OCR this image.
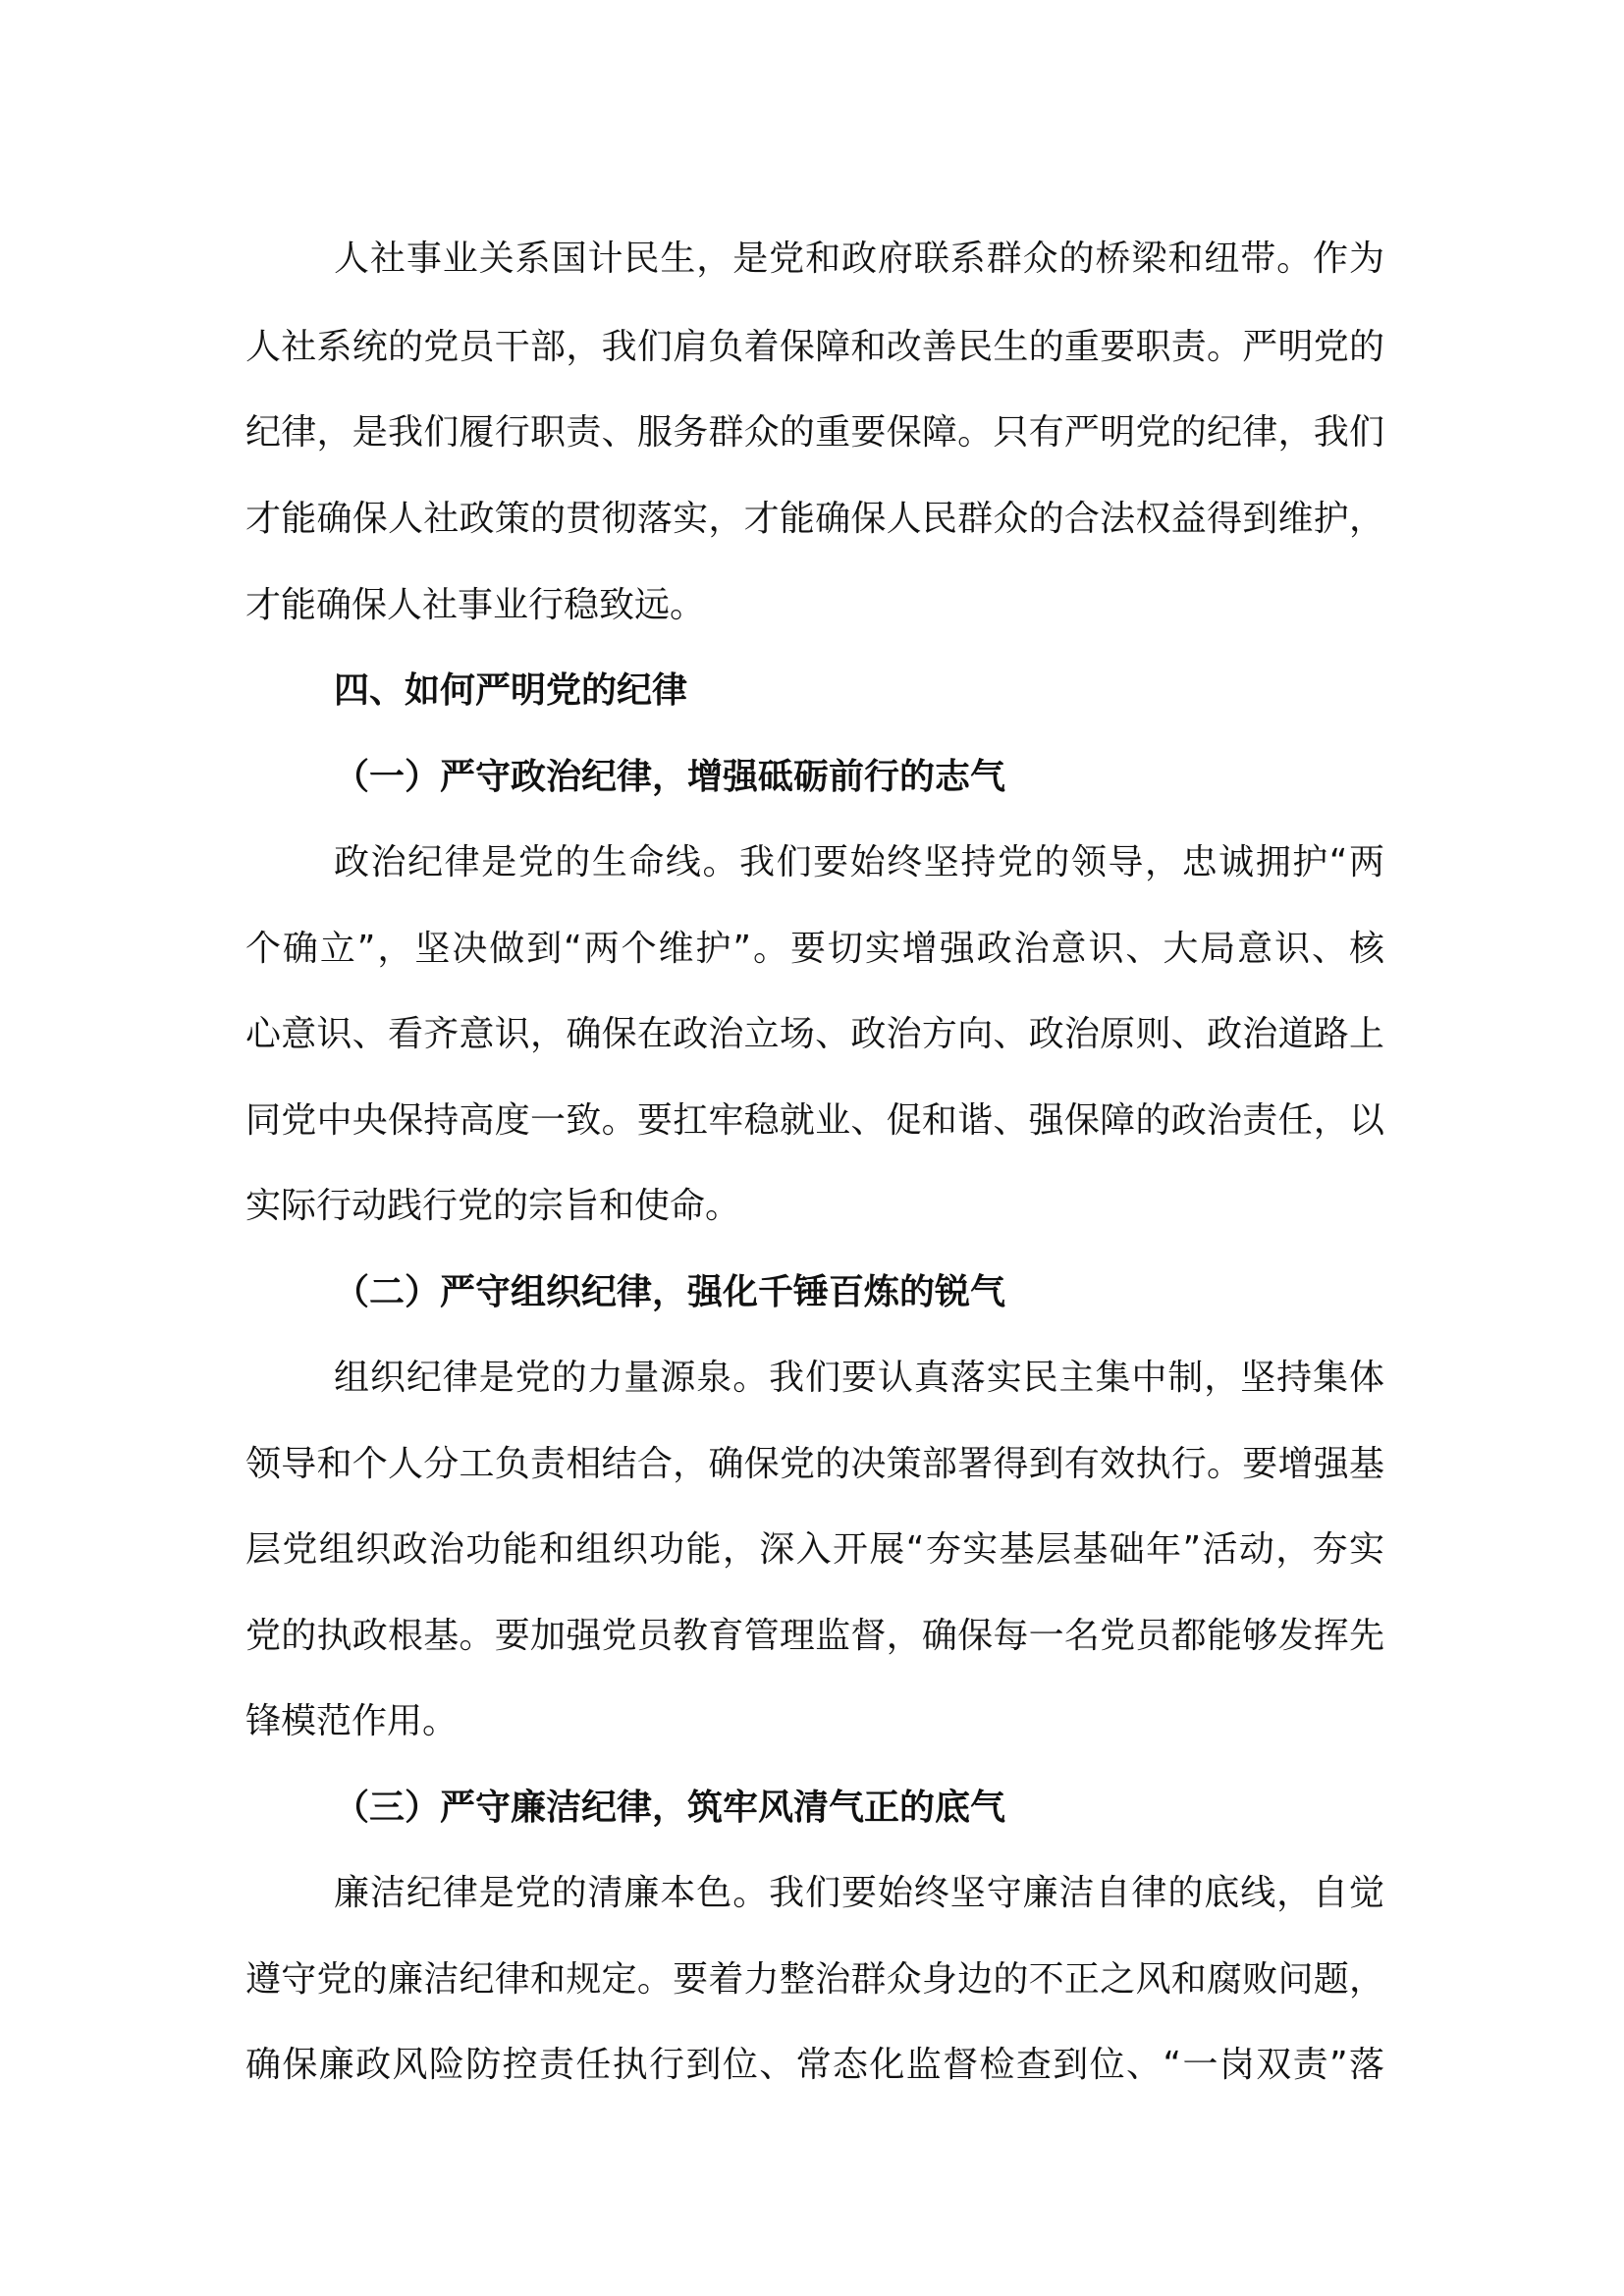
人社事业关系国计民生，是党和政府联系群众的桥梁和纽带。作为
人社系统的党员干部，我们肩负着保障和改善民生的重要职责。严明党的
纪律，是我们履行职责、服务群众的重要保障。只有严明党的纪律，我们
才能确保人社政策的贯彻落实，才能确保人民群众的合法权益得到维护，
才能确保人社事业行稳致远。
四、如何严明党的纪律
（一）严守政治纪律，增强砥砺前行的志气
政治纪律是党的生命线。我们要始终坚持党的领导，忠诚拥护“两
个确立”，坚决做到“两个维护”。要切实增强政治意识、大局意识、核
心意识、看齐意识，确保在政治立场、政治方向、政治原则、政治道路上
同党中央保持高度一致。要扛牢稳就业、促和谐、强保障的政治责任，以
实际行动践行党的宗旨和使命。
（二）严守组织纪律，强化千锤百炼的锐气
组织纪律是党的力量源泉。我们要认真落实民主集中制，坚持集体
领导和个人分工负责相结合，确保党的决策部署得到有效执行。要增强基
层党组织政治功能和组织功能，深入开展“夯实基层基础年”活动，夯实
党的执政根基。要加强党员教育管理监督，确保每一名党员都能够发挥先
锋模范作用。
（三）严守廉洁纪律，筑牢风清气正的底气
廉洁纪律是党的清廉本色。我们要始终坚守廉洁自律的底线，自觉
遵守党的廉洁纪律和规定。要着力整治群众身边的不正之风和腐败问题，
确保廉政风险防控责任执行到位、常态化监督检查到位、“一岗双责”落
